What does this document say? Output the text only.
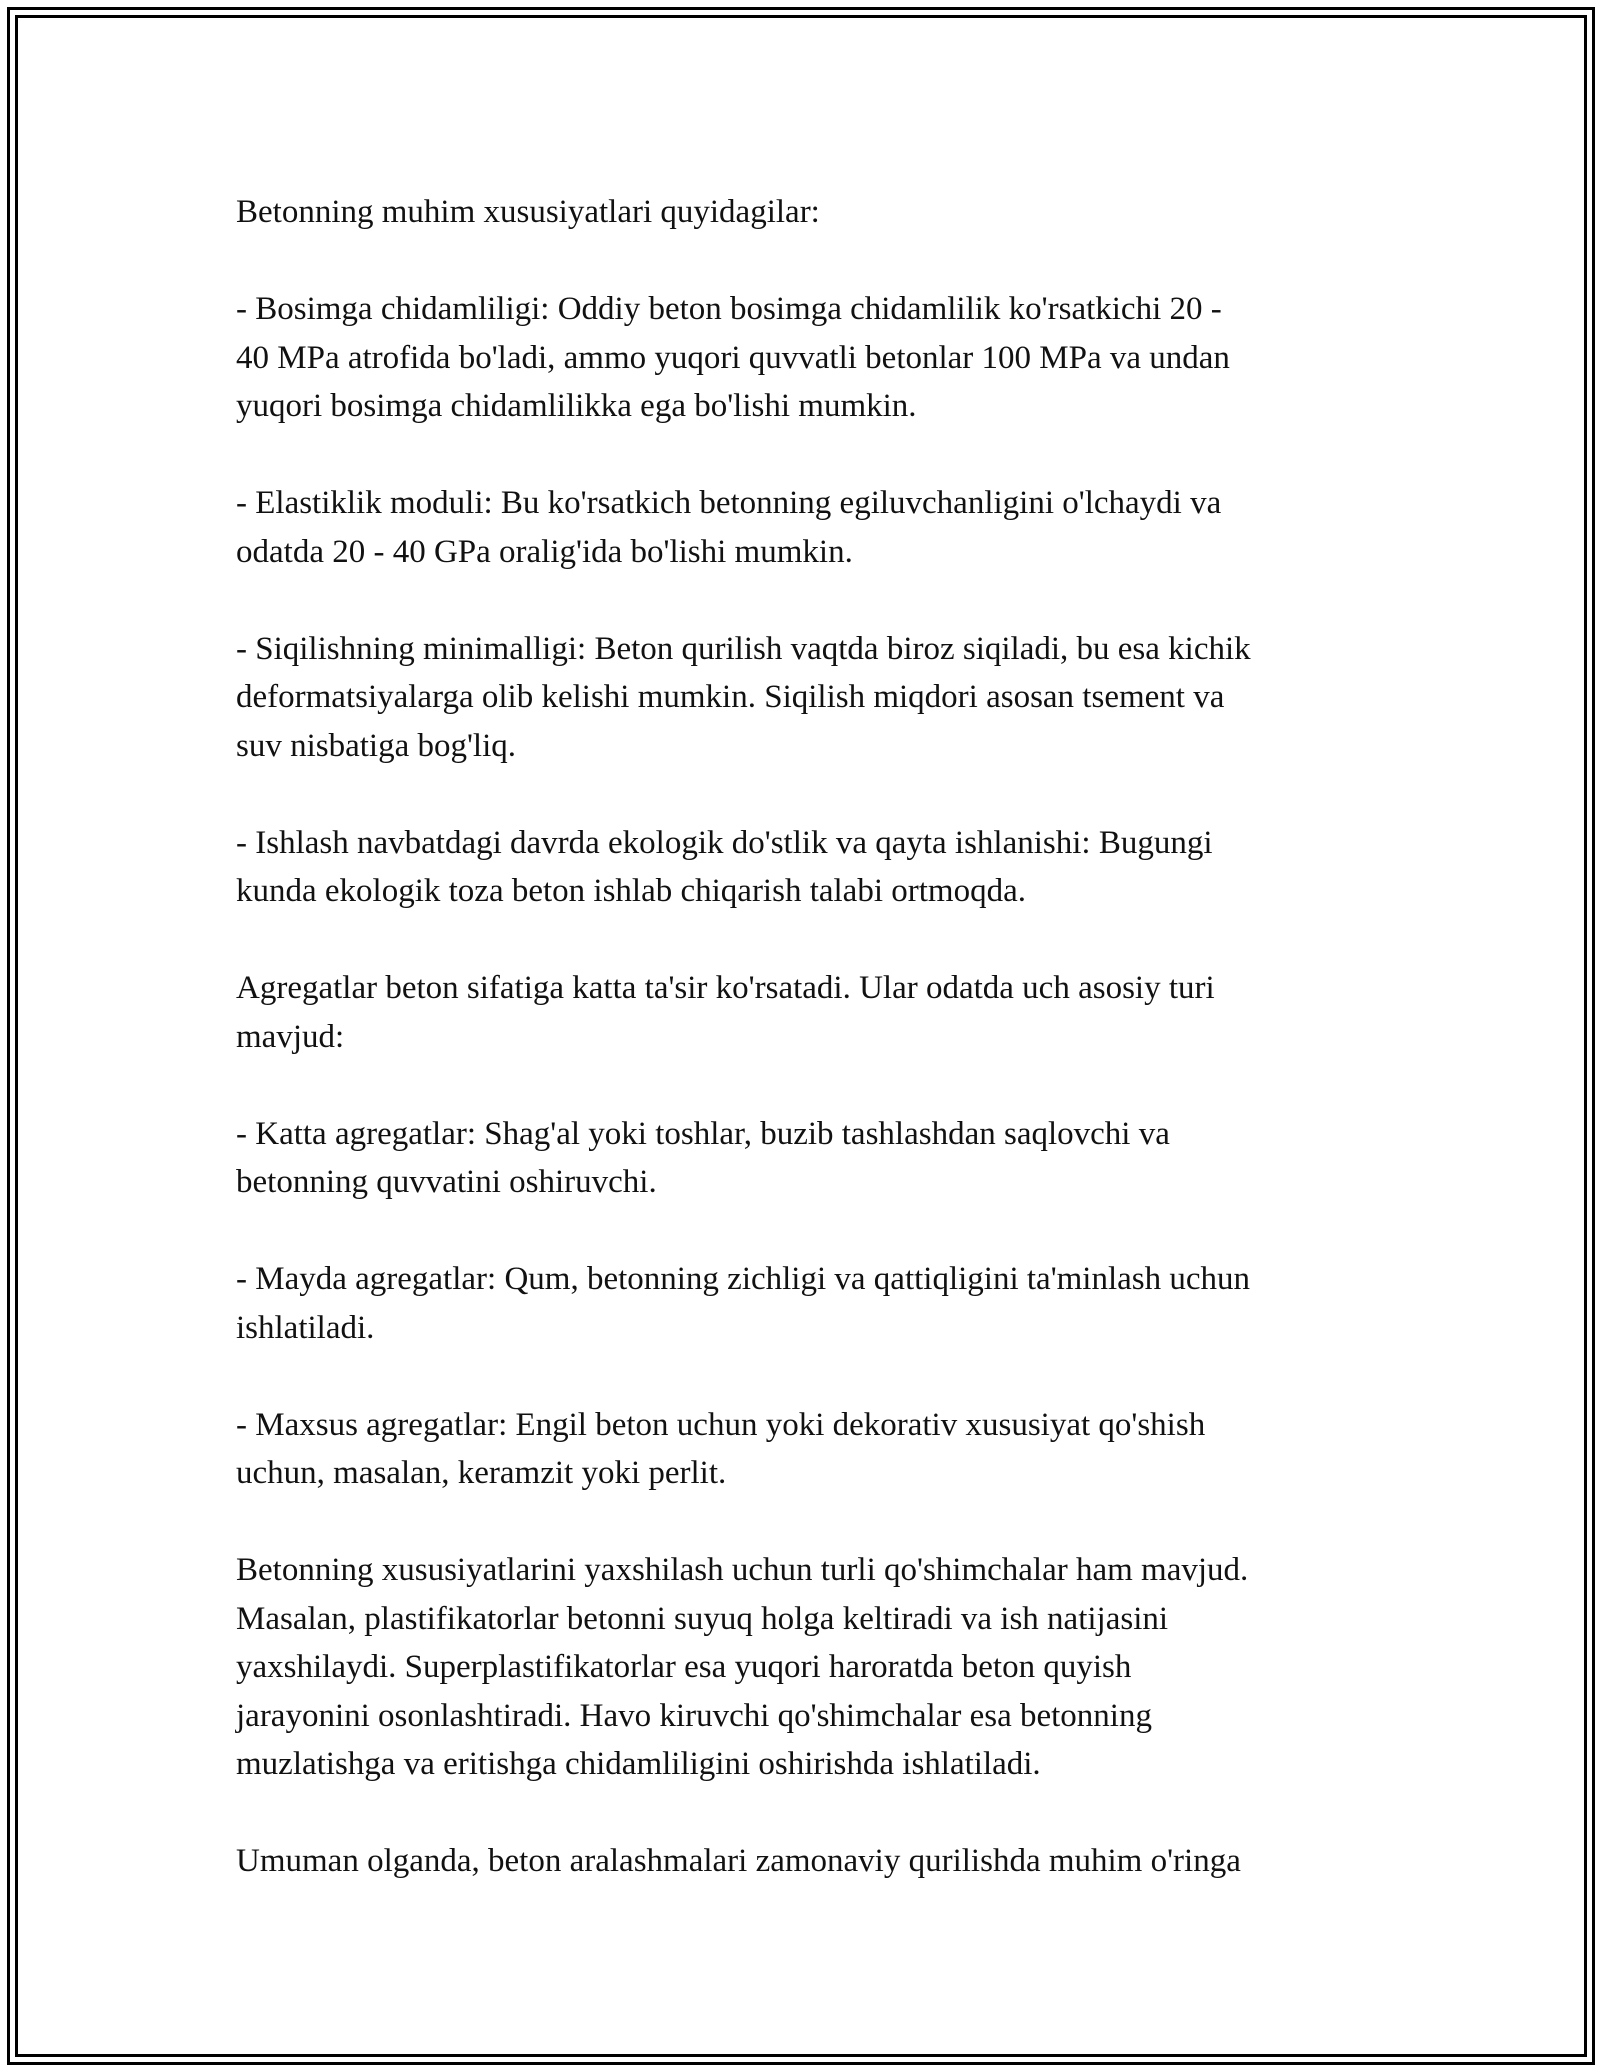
Betonning muhim xususiyatlari quyidagilar:

- Bosimga chidamliligi: Oddiy beton bosimga chidamlilik ko'rsatkichi 20 -
40 MPa atrofida bo'ladi, ammo yuqori quvvatli betonlar 100 MPa va undan
yuqori bosimga chidamlilikka ega bo'lishi mumkin.

- Elastiklik moduli: Bu ko'rsatkich betonning egiluvchanligini o'lchaydi va
odatda 20 - 40 GPa oralig'ida bo'lishi mumkin.

- Siqilishning minimalligi: Beton qurilish vaqtda biroz siqiladi, bu esa kichik
deformatsiyalarga olib kelishi mumkin. Siqilish miqdori asosan tsement va
suv nisbatiga bog'liq.

- Ishlash navbatdagi davrda ekologik do'stlik va qayta ishlanishi: Bugungi
kunda ekologik toza beton ishlab chiqarish talabi ortmoqda.

Agregatlar beton sifatiga katta ta'sir ko'rsatadi. Ular odatda uch asosiy turi
mavjud:

- Katta agregatlar: Shag'al yoki toshlar, buzib tashlashdan saqlovchi va
betonning quvvatini oshiruvchi.

- Mayda agregatlar: Qum, betonning zichligi va qattiqligini ta'minlash uchun
ishlatiladi.

- Maxsus agregatlar: Engil beton uchun yoki dekorativ xususiyat qo'shish
uchun, masalan, keramzit yoki perlit.

Betonning xususiyatlarini yaxshilash uchun turli qo'shimchalar ham mavjud.
Masalan, plastifikatorlar betonni suyuq holga keltiradi va ish natijasini
yaxshilaydi. Superplastifikatorlar esa yuqori haroratda beton quyish
jarayonini osonlashtiradi. Havo kiruvchi qo'shimchalar esa betonning
muzlatishga va eritishga chidamliligini oshirishda ishlatiladi.

Umuman olganda, beton aralashmalari zamonaviy qurilishda muhim o'ringa
